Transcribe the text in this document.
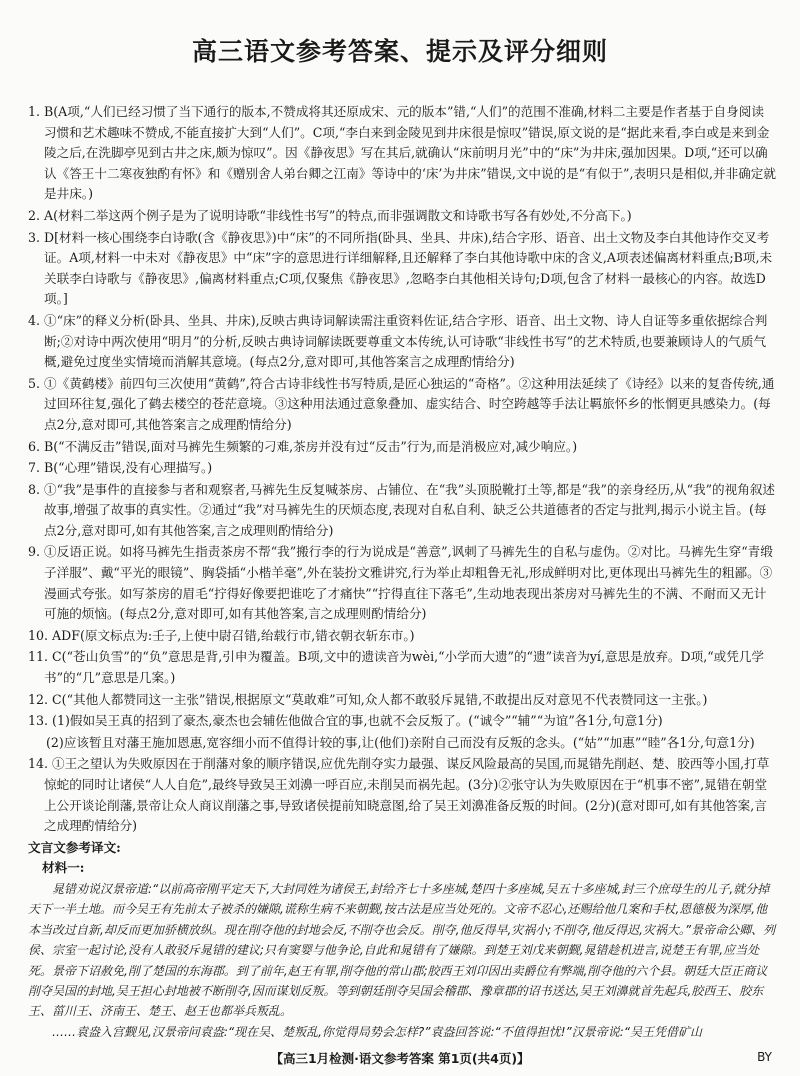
高三语文参考答案、提示及评分细则

1. B(A项,“人们已经习惯了当下通行的版本,不赞成将其还原成宋、元的版本”错,“人们”的范围不准确,材料二主要是作者基于自身阅读习惯和艺术趣味不赞成,不能直接扩大到“人们”。C项,“李白来到金陵见到井床很是惊叹”错误,原文说的是“据此来看,李白或是来到金陵之后,在洗脚亭见到古井之床,颇为惊叹”。因《静夜思》写在其后,就确认“床前明月光”中的“床”为井床,强加因果。D项,“还可以确认《答王十二寒夜独酌有怀》和《赠别舍人弟台卿之江南》等诗中的‘床’为井床”错误,文中说的是“有似于”,表明只是相似,并非确定就是井床。)

2. A(材料二举这两个例子是为了说明诗歌“非线性书写”的特点,而非强调散文和诗歌书写各有妙处,不分高下。)

3. D[材料一核心围绕李白诗歌(含《静夜思》)中“床”的不同所指(卧具、坐具、井床),结合字形、语音、出土文物及李白其他诗作交叉考证。A项,材料一中未对《静夜思》中“床”字的意思进行详细解释,且还解释了李白其他诗歌中床的含义,A项表述偏离材料重点;B项,未关联李白诗歌与《静夜思》,偏离材料重点;C项,仅聚焦《静夜思》,忽略李白其他相关诗句;D项,包含了材料一最核心的内容。故选D项。]

4. ①“床”的释义分析(卧具、坐具、井床),反映古典诗词解读需注重资料佐证,结合字形、语音、出土文物、诗人自证等多重依据综合判断;②对诗中两次使用“明月”的分析,反映古典诗词解读既要尊重文本传统,认可诗歌“非线性书写”的艺术特质,也要兼顾诗人的气质气概,避免过度坐实情境而消解其意境。(每点2分,意对即可,其他答案言之成理酌情给分)

5. ①《黄鹤楼》前四句三次使用“黄鹤”,符合古诗非线性书写特质,是匠心独运的“奇格”。②这种用法延续了《诗经》以来的复沓传统,通过回环往复,强化了鹤去楼空的苍茫意境。③这种用法通过意象叠加、虚实结合、时空跨越等手法让羁旅怀乡的怅惘更具感染力。(每点2分,意对即可,其他答案言之成理酌情给分)

6. B(“不满反击”错误,面对马裤先生频繁的刁难,茶房并没有过“反击”行为,而是消极应对,减少响应。)

7. B(“心理”错误,没有心理描写。)

8. ①“我”是事件的直接参与者和观察者,马裤先生反复喊茶房、占铺位、在“我”头顶脱靴打土等,都是“我”的亲身经历,从“我”的视角叙述故事,增强了故事的真实性。②通过“我”对马裤先生的厌烦态度,表现对自私自利、缺乏公共道德者的否定与批判,揭示小说主旨。(每点2分,意对即可,如有其他答案,言之成理则酌情给分)

9. ①反语正说。如将马裤先生指责茶房不帮“我”搬行李的行为说成是“善意”,讽刺了马裤先生的自私与虚伪。②对比。马裤先生穿“青缎子洋服”、戴“平光的眼镜”、胸袋插“小楷羊毫”,外在装扮文雅讲究,行为举止却粗鲁无礼,形成鲜明对比,更体现出马裤先生的粗鄙。③漫画式夸张。如写茶房的眉毛“拧得好像要把谁吃了才痛快”“拧得直往下落毛”,生动地表现出茶房对马裤先生的不满、不耐而又无计可施的烦恼。(每点2分,意对即可,如有其他答案,言之成理则酌情给分)

10. ADF(原文标点为:壬子,上使中尉召错,绐载行市,错衣朝衣斩东市。)

11. C(“苍山负雪”的“负”意思是背,引申为覆盖。B项,文中的遗读音为wèi,“小学而大遗”的“遗”读音为yí,意思是放弃。D项,“或凭几学书”的“几”意思是几案。)

12. C(“其他人都赞同这一主张”错误,根据原文“莫敢难”可知,众人都不敢驳斥晁错,不敢提出反对意见不代表赞同这一主张。)

13. (1)假如吴王真的招到了豪杰,豪杰也会辅佐他做合宜的事,也就不会反叛了。(“诚令”“辅”“为谊”各1分,句意1分)

(2)应该暂且对藩王施加恩惠,宽容细小而不值得计较的事,让(他们)亲附自己而没有反叛的念头。(“姑”“加惠”“睦”各1分,句意1分)

14. ①王之望认为失败原因在于削藩对象的顺序错误,应优先削夺实力最强、谋反风险最高的吴国,而晁错先削赵、楚、胶西等小国,打草惊蛇的同时让诸侯“人人自危”,最终导致吴王刘濞一呼百应,未削吴而祸先起。(3分)②张守认为失败原因在于“机事不密”,晁错在朝堂上公开谈论削藩,景帝让众人商议削藩之事,导致诸侯提前知晓意图,给了吴王刘濞准备反叛的时间。(2分)(意对即可,如有其他答案,言之成理酌情给分)

文言文参考译文:

材料一:

晁错劝说汉景帝道:“以前高帝刚平定天下,大封同姓为诸侯王,封给齐七十多座城,楚四十多座城,吴五十多座城,封三个庶母生的儿子,就分掉天下一半土地。而今吴王有先前太子被杀的嫌隙,谎称生病不来朝觐,按古法是应当处死的。文帝不忍心,还赐给他几案和手杖,恩德极为深厚,他本当改过自新,却反而更加骄横放纵。现在削夺他的封地会反,不削夺也会反。削夺,他反得早,灾祸小;不削夺,他反得迟,灾祸大。”景帝命公卿、列侯、宗室一起讨论,没有人敢驳斥晁错的建议;只有窦婴与他争论,自此和晁错有了嫌隙。到楚王刘戊来朝觐,晁错趁机进言,说楚王有罪,应当处死。景帝下诏赦免,削了楚国的东海郡。到了前年,赵王有罪,削夺他的常山郡;胶西王刘卬因出卖爵位有弊端,削夺他的六个县。朝廷大臣正商议削夺吴国的封地,吴王担心封地被不断削夺,因而谋划反叛。等到朝廷削夺吴国会稽郡、豫章郡的诏书送达,吴王刘濞就首先起兵,胶西王、胶东王、菑川王、济南王、楚王、赵王也都举兵叛乱。

……袁盎入宫觐见,汉景帝问袁盎:“现在吴、楚叛乱,你觉得局势会怎样?”袁盎回答说:“不值得担忧!”汉景帝说:“吴王凭借矿山

【高三1月检测·语文参考答案 第1页(共4页)】	BY
